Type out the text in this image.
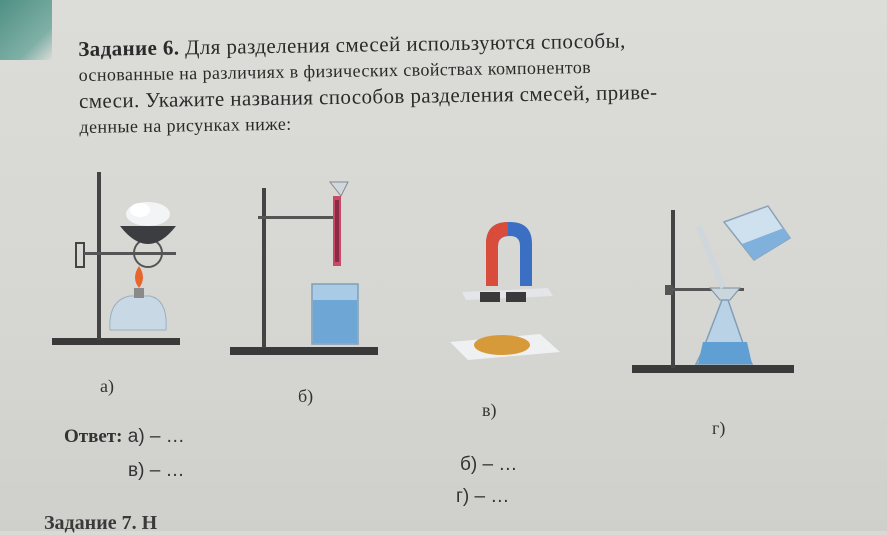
Задание 6. Для разделения смесей используются способы,
основанные на различиях в физических свойствах компонентов
смеси. Укажите названия способов разделения смесей, приве-
денные на рисунках ниже:
а)	б)
в)
г)
Ответ: а) – …
в) – …	б) – …
г) – …
Задание 7. Н
